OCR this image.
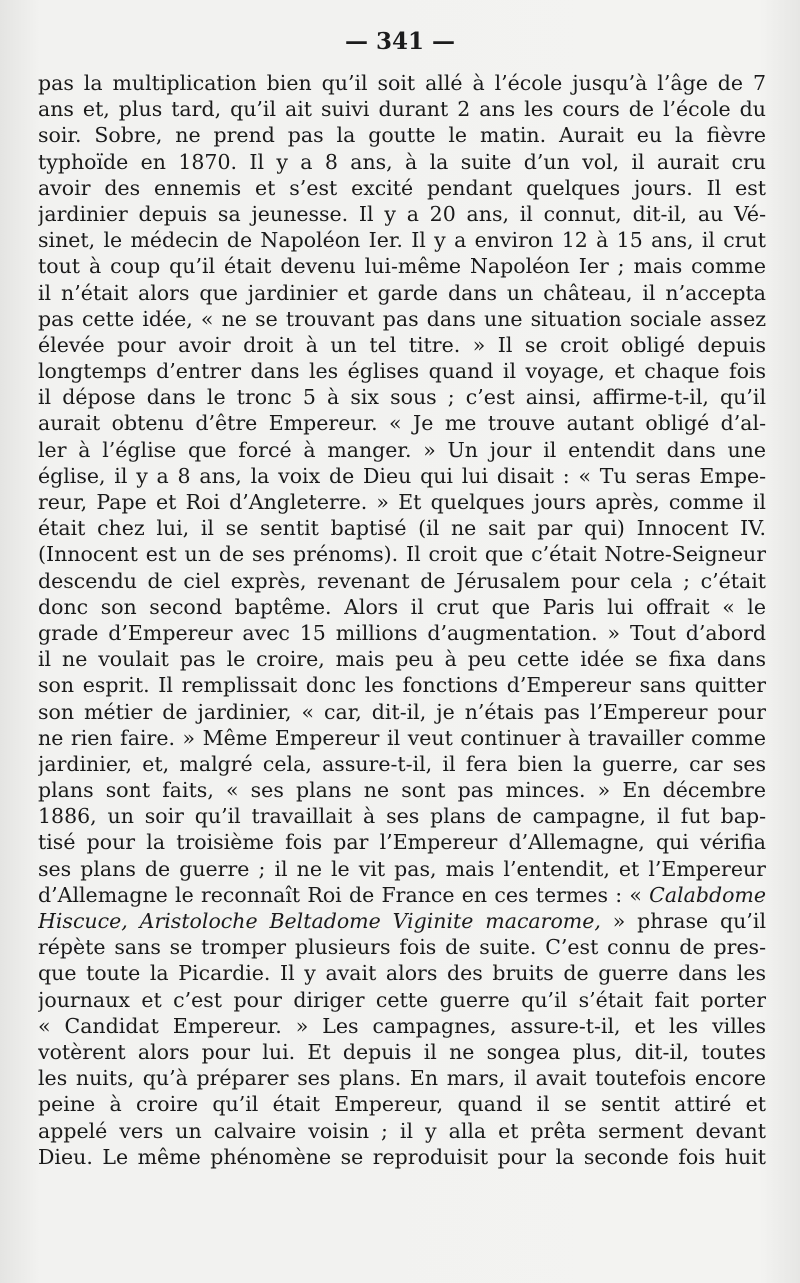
— 341 —
pas la multiplication bien qu’il soit allé à l’école jusqu’à l’âge de 7
ans et, plus tard, qu’il ait suivi durant 2 ans les cours de l’école du
soir. Sobre, ne prend pas la goutte le matin. Aurait eu la fièvre
typhoïde en 1870. Il y a 8 ans, à la suite d’un vol, il aurait cru
avoir des ennemis et s’est excité pendant quelques jours. Il est
jardinier depuis sa jeunesse. Il y a 20 ans, il connut, dit-il, au Vé-
sinet, le médecin de Napoléon Ier. Il y a environ 12 à 15 ans, il crut
tout à coup qu’il était devenu lui-même Napoléon Ier ; mais comme
il n’était alors que jardinier et garde dans un château, il n’accepta
pas cette idée, « ne se trouvant pas dans une situation sociale assez
élevée pour avoir droit à un tel titre. » Il se croit obligé depuis
longtemps d’entrer dans les églises quand il voyage, et chaque fois
il dépose dans le tronc 5 à six sous ; c’est ainsi, affirme-t-il, qu’il
aurait obtenu d’être Empereur. « Je me trouve autant obligé d’al-
ler à l’église que forcé à manger. » Un jour il entendit dans une
église, il y a 8 ans, la voix de Dieu qui lui disait : « Tu seras Empe-
reur, Pape et Roi d’Angleterre. » Et quelques jours après, comme il
était chez lui, il se sentit baptisé (il ne sait par qui) Innocent IV.
(Innocent est un de ses prénoms). Il croit que c’était Notre-Seigneur
descendu de ciel exprès, revenant de Jérusalem pour cela ; c’était
donc son second baptême. Alors il crut que Paris lui offrait « le
grade d’Empereur avec 15 millions d’augmentation. » Tout d’abord
il ne voulait pas le croire, mais peu à peu cette idée se fixa dans
son esprit. Il remplissait donc les fonctions d’Empereur sans quitter
son métier de jardinier, « car, dit-il, je n’étais pas l’Empereur pour
ne rien faire. » Même Empereur il veut continuer à travailler comme
jardinier, et, malgré cela, assure-t-il, il fera bien la guerre, car ses
plans sont faits, « ses plans ne sont pas minces. » En décembre
1886, un soir qu’il travaillait à ses plans de campagne, il fut bap-
tisé pour la troisième fois par l’Empereur d’Allemagne, qui vérifia
ses plans de guerre ; il ne le vit pas, mais l’entendit, et l’Empereur
d’Allemagne le reconnaît Roi de France en ces termes : « Calabdome
Hiscuce, Aristoloche Beltadome Viginite macarome, » phrase qu’il
répète sans se tromper plusieurs fois de suite. C’est connu de pres-
que toute la Picardie. Il y avait alors des bruits de guerre dans les
journaux et c’est pour diriger cette guerre qu’il s’était fait porter
« Candidat Empereur. » Les campagnes, assure-t-il, et les villes
votèrent alors pour lui. Et depuis il ne songea plus, dit-il, toutes
les nuits, qu’à préparer ses plans. En mars, il avait toutefois encore
peine à croire qu’il était Empereur, quand il se sentit attiré et
appelé vers un calvaire voisin ; il y alla et prêta serment devant
Dieu. Le même phénomène se reproduisit pour la seconde fois huit
